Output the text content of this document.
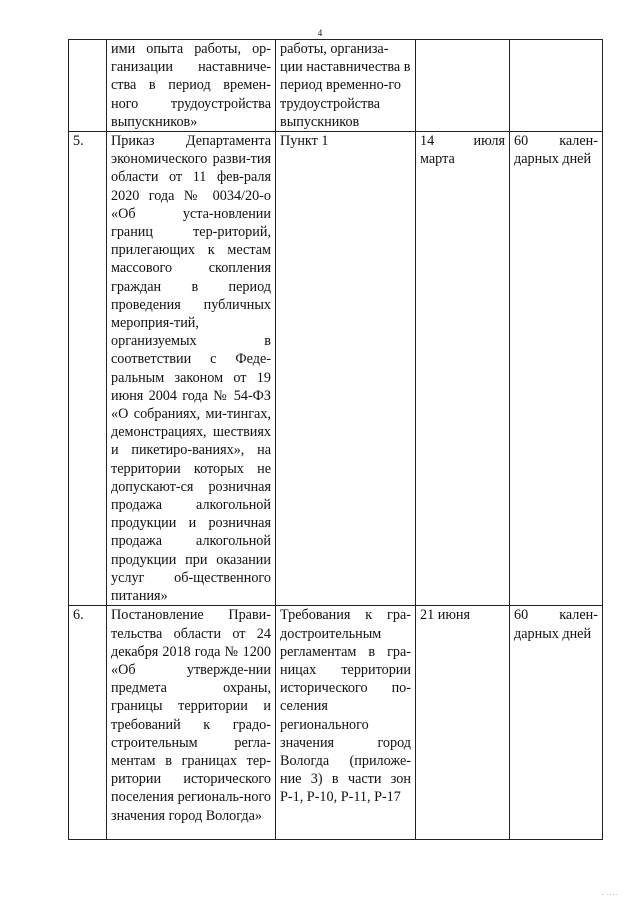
4
	ими опыта работы, ор-ганизации наставниче-ства в период времен-ного трудоустройства выпускников»	работы, организа-ции наставничества в период временно-го трудоустройства выпускников		
5.	Приказ Департамента экономического разви-тия области от 11 фев-раля 2020 года № 0034/20-о «Об уста-новлении границ тер-риторий, прилегающих к местам массового скопления граждан в период проведения публичных мероприя-тий, организуемых в соответствии с Феде-ральным законом от 19 июня 2004 года № 54-ФЗ «О собраниях, ми-тингах, демонстрациях, шествиях и пикетиро-ваниях», на территории которых не допускают-ся розничная продажа алкогольной продукции и розничная продажа алкогольной продукции при оказании услуг об-щественного питания»	Пункт 1	14 июля марта	60 кален-дарных дней
6.	Постановление Прави-тельства области от 24 декабря 2018 года № 1200 «Об утвержде-нии предмета охраны, границы территории и требований к градо-строительным регла-ментам в границах тер-ритории исторического поселения региональ-ного значения город Вологда»	Требования к гра-достроительным регламентам в гра-ницах территории исторического по-селения регионального значения город Вологда (приложе-ние 3) в части зон Р-1, Р-10, Р-11, Р-17	21 июня	60 кален-дарных дней
. ....
